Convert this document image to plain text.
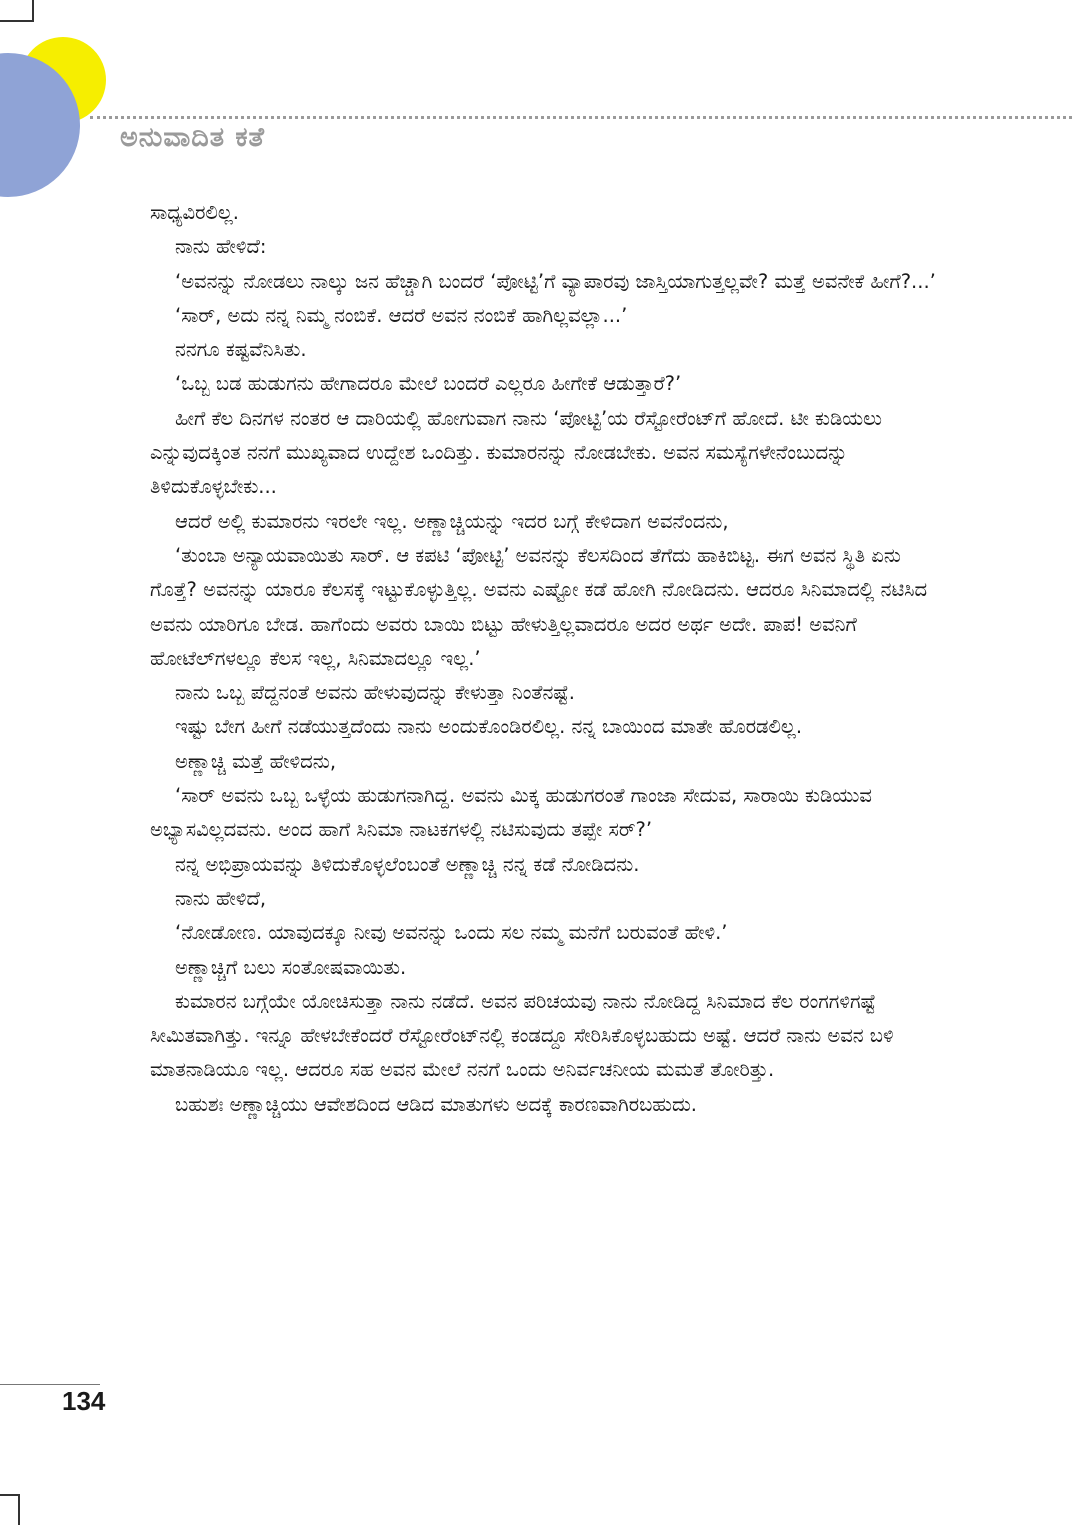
ಅನುವಾದಿತ ಕತೆ

ಸಾಧ್ಯವಿರಲಿಲ್ಲ.

ನಾನು ಹೇಳಿದೆ:

‘ಅವನನ್ನು ನೋಡಲು ನಾಲ್ಕು ಜನ ಹೆಚ್ಚಾಗಿ ಬಂದರೆ ‘ಪೋಟ್ಟಿ’ಗೆ ವ್ಯಾಪಾರವು ಜಾಸ್ತಿಯಾಗುತ್ತಲ್ಲವೇ? ಮತ್ತೆ ಅವನೇಕೆ ಹೀಗೆ?...’

‘ಸಾರ್, ಅದು ನನ್ನ ನಿಮ್ಮ ನಂಬಿಕೆ. ಆದರೆ ಅವನ ನಂಬಿಕೆ ಹಾಗಿಲ್ಲವಲ್ಲಾ...’

ನನಗೂ ಕಷ್ಟವೆನಿಸಿತು.

‘ಒಬ್ಬ ಬಡ ಹುಡುಗನು ಹೇಗಾದರೂ ಮೇಲೆ ಬಂದರೆ ಎಲ್ಲರೂ ಹೀಗೇಕೆ ಆಡುತ್ತಾರೆ?’

ಹೀಗೆ ಕೆಲ ದಿನಗಳ ನಂತರ ಆ ದಾರಿಯಲ್ಲಿ ಹೋಗುವಾಗ ನಾನು ‘ಪೋಟ್ಟಿ’ಯ ರೆಸ್ಟೋರೆಂಟ್‌ಗೆ ಹೋದೆ. ಟೀ ಕುಡಿಯಲು ಎನ್ನುವುದಕ್ಕಿಂತ ನನಗೆ ಮುಖ್ಯವಾದ ಉದ್ದೇಶ ಒಂದಿತ್ತು. ಕುಮಾರನನ್ನು ನೋಡಬೇಕು. ಅವನ ಸಮಸ್ಯೆಗಳೇನೆಂಬುದನ್ನು ತಿಳಿದುಕೊಳ್ಳಬೇಕು...

ಆದರೆ ಅಲ್ಲಿ ಕುಮಾರನು ಇರಲೇ ಇಲ್ಲ. ಅಣ್ಣಾಚ್ಚಿಯನ್ನು ಇದರ ಬಗ್ಗೆ ಕೇಳಿದಾಗ ಅವನೆಂದನು,

‘ತುಂಬಾ ಅನ್ಯಾಯವಾಯಿತು ಸಾರ್. ಆ ಕಪಟಿ ‘ಪೋಟ್ಟಿ’ ಅವನನ್ನು ಕೆಲಸದಿಂದ ತೆಗೆದು ಹಾಕಿಬಿಟ್ಟ. ಈಗ ಅವನ ಸ್ಥಿತಿ ಏನು ಗೊತ್ತೆ? ಅವನನ್ನು ಯಾರೂ ಕೆಲಸಕ್ಕೆ ಇಟ್ಟುಕೊಳ್ಳುತ್ತಿಲ್ಲ. ಅವನು ಎಷ್ಟೋ ಕಡೆ ಹೋಗಿ ನೋಡಿದನು. ಆದರೂ ಸಿನಿಮಾದಲ್ಲಿ ನಟಿಸಿದ ಅವನು ಯಾರಿಗೂ ಬೇಡ. ಹಾಗೆಂದು ಅವರು ಬಾಯಿ ಬಿಟ್ಟು ಹೇಳುತ್ತಿಲ್ಲವಾದರೂ ಅದರ ಅರ್ಥ ಅದೇ. ಪಾಪ! ಅವನಿಗೆ ಹೋಟೆಲ್‌ಗಳಲ್ಲೂ ಕೆಲಸ ಇಲ್ಲ, ಸಿನಿಮಾದಲ್ಲೂ ಇಲ್ಲ.’

ನಾನು ಒಬ್ಬ ಪೆದ್ದನಂತೆ ಅವನು ಹೇಳುವುದನ್ನು ಕೇಳುತ್ತಾ ನಿಂತೆನಷ್ಟೆ.

ಇಷ್ಟು ಬೇಗ ಹೀಗೆ ನಡೆಯುತ್ತದೆಂದು ನಾನು ಅಂದುಕೊಂಡಿರಲಿಲ್ಲ. ನನ್ನ ಬಾಯಿಂದ ಮಾತೇ ಹೊರಡಲಿಲ್ಲ.

ಅಣ್ಣಾಚ್ಚಿ ಮತ್ತೆ ಹೇಳಿದನು,

‘ಸಾರ್ ಅವನು ಒಬ್ಬ ಒಳ್ಳೆಯ ಹುಡುಗನಾಗಿದ್ದ. ಅವನು ಮಿಕ್ಕ ಹುಡುಗರಂತೆ ಗಾಂಜಾ ಸೇದುವ, ಸಾರಾಯಿ ಕುಡಿಯುವ ಅಭ್ಯಾಸವಿಲ್ಲದವನು. ಅಂದ ಹಾಗೆ ಸಿನಿಮಾ ನಾಟಕಗಳಲ್ಲಿ ನಟಿಸುವುದು ತಪ್ಪೇ ಸರ್?’

ನನ್ನ ಅಭಿಪ್ರಾಯವನ್ನು ತಿಳಿದುಕೊಳ್ಳಲೆಂಬಂತೆ ಅಣ್ಣಾಚ್ಚಿ ನನ್ನ ಕಡೆ ನೋಡಿದನು.

ನಾನು ಹೇಳಿದೆ,

‘ನೋಡೋಣ. ಯಾವುದಕ್ಕೂ ನೀವು ಅವನನ್ನು ಒಂದು ಸಲ ನಮ್ಮ ಮನೆಗೆ ಬರುವಂತೆ ಹೇಳಿ.’

ಅಣ್ಣಾಚ್ಚಿಗೆ ಬಲು ಸಂತೋಷವಾಯಿತು.

ಕುಮಾರನ ಬಗ್ಗೆಯೇ ಯೋಚಿಸುತ್ತಾ ನಾನು ನಡೆದೆ. ಅವನ ಪರಿಚಯವು ನಾನು ನೋಡಿದ್ದ ಸಿನಿಮಾದ ಕೆಲ ರಂಗಗಳಿಗಷ್ಟೆ ಸೀಮಿತವಾಗಿತ್ತು. ಇನ್ನೂ ಹೇಳಬೇಕೆಂದರೆ ರೆಸ್ಟೋರೆಂಟ್‌ನಲ್ಲಿ ಕಂಡದ್ದೂ ಸೇರಿಸಿಕೊಳ್ಳಬಹುದು ಅಷ್ಟೆ. ಆದರೆ ನಾನು ಅವನ ಬಳಿ ಮಾತನಾಡಿಯೂ ಇಲ್ಲ. ಆದರೂ ಸಹ ಅವನ ಮೇಲೆ ನನಗೆ ಒಂದು ಅನಿರ್ವಚನೀಯ ಮಮತೆ ತೋರಿತ್ತು.

ಬಹುಶಃ ಅಣ್ಣಾಚ್ಚಿಯು ಆವೇಶದಿಂದ ಆಡಿದ ಮಾತುಗಳು ಅದಕ್ಕೆ ಕಾರಣವಾಗಿರಬಹುದು.

134
